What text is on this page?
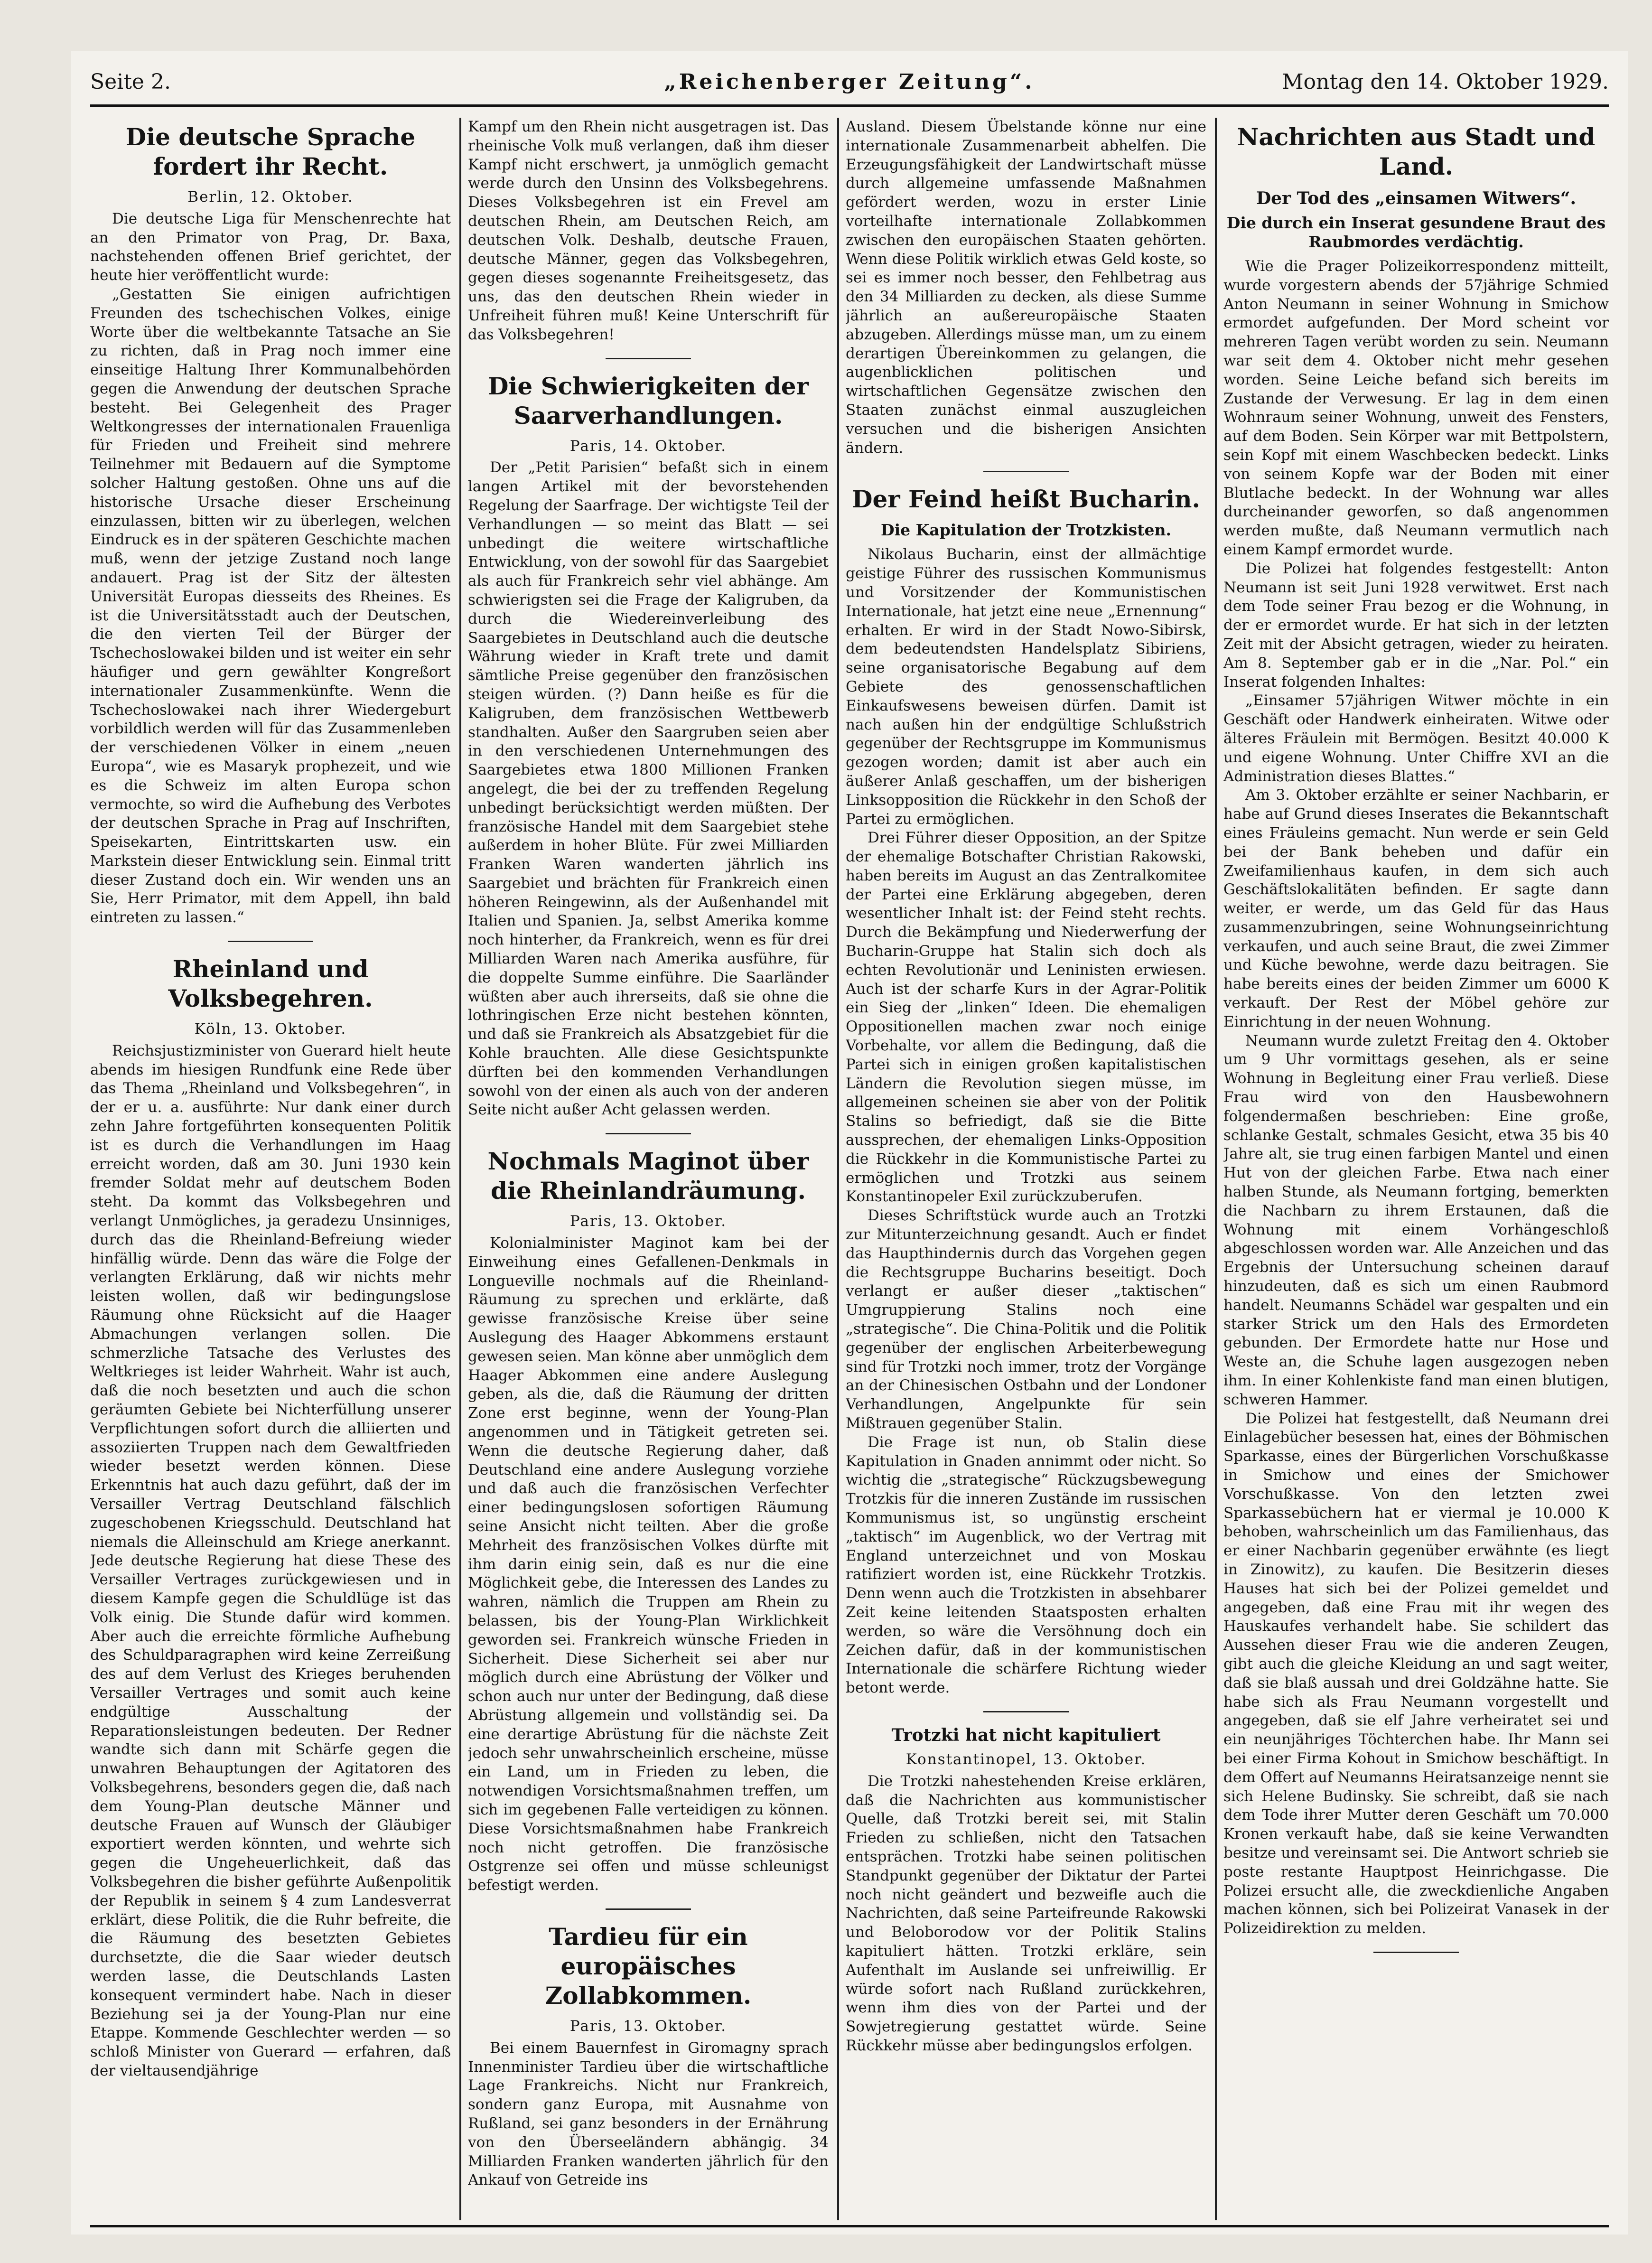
Seite 2.	„Reichenberger Zeitung“.	Montag den 14. Oktober 1929.
Die deutsche Sprache fordert ihr Recht.
Berlin, 12. Oktober.

Die deutsche Liga für Menschenrechte hat an den Primator von Prag, Dr. Baxa, nachstehenden offenen Brief gerichtet, der heute hier veröffentlicht wurde:

„Gestatten Sie einigen aufrichtigen Freunden des tschechischen Volkes, einige Worte über die weltbekannte Tatsache an Sie zu richten, daß in Prag noch immer eine einseitige Haltung Ihrer Kommunalbehörden gegen die Anwendung der deutschen Sprache besteht. Bei Gelegenheit des Prager Weltkongresses der internationalen Frauenliga für Frieden und Freiheit sind mehrere Teilnehmer mit Bedauern auf die Symptome solcher Haltung gestoßen. Ohne uns auf die historische Ursache dieser Erscheinung einzulassen, bitten wir zu überlegen, welchen Eindruck es in der späteren Geschichte machen muß, wenn der jetzige Zustand noch lange andauert. Prag ist der Sitz der ältesten Universität Europas diesseits des Rheines. Es ist die Universitätsstadt auch der Deutschen, die den vierten Teil der Bürger der Tschechoslowakei bilden und ist weiter ein sehr häufiger und gern gewählter Kongreßort internationaler Zusammenkünfte. Wenn die Tschechoslowakei nach ihrer Wiedergeburt vorbildlich werden will für das Zusammenleben der verschiedenen Völker in einem „neuen Europa“, wie es Masaryk prophezeit, und wie es die Schweiz im alten Europa schon vermochte, so wird die Aufhebung des Verbotes der deutschen Sprache in Prag auf Inschriften, Speisekarten, Eintrittskarten usw. ein Markstein dieser Entwicklung sein. Einmal tritt dieser Zustand doch ein. Wir wenden uns an Sie, Herr Primator, mit dem Appell, ihn bald eintreten zu lassen.“

Rheinland und Volksbegehren.
Köln, 13. Oktober.

Reichsjustizminister von Guerard hielt heute abends im hiesigen Rundfunk eine Rede über das Thema „Rheinland und Volksbegehren“, in der er u. a. ausführte: Nur dank einer durch zehn Jahre fortgeführten konsequenten Politik ist es durch die Verhandlungen im Haag erreicht worden, daß am 30. Juni 1930 kein fremder Soldat mehr auf deutschem Boden steht. Da kommt das Volksbegehren und verlangt Unmögliches, ja geradezu Unsinniges, durch das die Rheinland-Befreiung wieder hinfällig würde. Denn das wäre die Folge der verlangten Erklärung, daß wir nichts mehr leisten wollen, daß wir bedingungslose Räumung ohne Rücksicht auf die Haager Abmachungen verlangen sollen. Die schmerzliche Tatsache des Verlustes des Weltkrieges ist leider Wahrheit. Wahr ist auch, daß die noch besetzten und auch die schon geräumten Gebiete bei Nichterfüllung unserer Verpflichtungen sofort durch die alliierten und assoziierten Truppen nach dem Gewaltfrieden wieder besetzt werden können. Diese Erkenntnis hat auch dazu geführt, daß der im Versailler Vertrag Deutschland fälschlich zugeschobenen Kriegsschuld. Deutschland hat niemals die Alleinschuld am Kriege anerkannt. Jede deutsche Regierung hat diese These des Versailler Vertrages zurückgewiesen und in diesem Kampfe gegen die Schuldlüge ist das Volk einig. Die Stunde dafür wird kommen. Aber auch die erreichte förmliche Aufhebung des Schuldparagraphen wird keine Zerreißung des auf dem Verlust des Krieges beruhenden Versailler Vertrages und somit auch keine endgültige Ausschaltung der Reparationsleistungen bedeuten. Der Redner wandte sich dann mit Schärfe gegen die unwahren Behauptungen der Agitatoren des Volksbegehrens, besonders gegen die, daß nach dem Young-Plan deutsche Männer und deutsche Frauen auf Wunsch der Gläubiger exportiert werden könnten, und wehrte sich gegen die Ungeheuerlichkeit, daß das Volksbegehren die bisher geführte Außenpolitik der Republik in seinem § 4 zum Landesverrat erklärt, diese Politik, die die Ruhr befreite, die die Räumung des besetzten Gebietes durchsetzte, die die Saar wieder deutsch werden lasse, die Deutschlands Lasten konsequent vermindert habe. Nach in dieser Beziehung sei ja der Young-Plan nur eine Etappe. Kommende Geschlechter werden — so schloß Minister von Guerard — erfahren, daß der vieltausendjährige

Kampf um den Rhein nicht ausgetragen ist. Das rheinische Volk muß verlangen, daß ihm dieser Kampf nicht erschwert, ja unmöglich gemacht werde durch den Unsinn des Volksbegehrens. Dieses Volksbegehren ist ein Frevel am deutschen Rhein, am Deutschen Reich, am deutschen Volk. Deshalb, deutsche Frauen, deutsche Männer, gegen das Volksbegehren, gegen dieses sogenannte Freiheitsgesetz, das uns, das den deutschen Rhein wieder in Unfreiheit führen muß! Keine Unterschrift für das Volksbegehren!

Die Schwierigkeiten der Saarverhandlungen.
Paris, 14. Oktober.

Der „Petit Parisien“ befaßt sich in einem langen Artikel mit der bevorstehenden Regelung der Saarfrage. Der wichtigste Teil der Verhandlungen — so meint das Blatt — sei unbedingt die weitere wirtschaftliche Entwicklung, von der sowohl für das Saargebiet als auch für Frankreich sehr viel abhänge. Am schwierigsten sei die Frage der Kaligruben, da durch die Wiedereinverleibung des Saargebietes in Deutschland auch die deutsche Währung wieder in Kraft trete und damit sämtliche Preise gegenüber den französischen steigen würden. (?) Dann heiße es für die Kaligruben, dem französischen Wettbewerb standhalten. Außer den Saargruben seien aber in den verschiedenen Unternehmungen des Saargebietes etwa 1800 Millionen Franken angelegt, die bei der zu treffenden Regelung unbedingt berücksichtigt werden müßten. Der französische Handel mit dem Saargebiet stehe außerdem in hoher Blüte. Für zwei Milliarden Franken Waren wanderten jährlich ins Saargebiet und brächten für Frankreich einen höheren Reingewinn, als der Außenhandel mit Italien und Spanien. Ja, selbst Amerika komme noch hinterher, da Frankreich, wenn es für drei Milliarden Waren nach Amerika ausführe, für die doppelte Summe einführe. Die Saarländer wüßten aber auch ihrerseits, daß sie ohne die lothringischen Erze nicht bestehen könnten, und daß sie Frankreich als Absatzgebiet für die Kohle brauchten. Alle diese Gesichtspunkte dürften bei den kommenden Verhandlungen sowohl von der einen als auch von der anderen Seite nicht außer Acht gelassen werden.

Nochmals Maginot über die Rheinlandräumung.
Paris, 13. Oktober.

Kolonialminister Maginot kam bei der Einweihung eines Gefallenen-Denkmals in Longueville nochmals auf die Rheinland-Räumung zu sprechen und erklärte, daß gewisse französische Kreise über seine Auslegung des Haager Abkommens erstaunt gewesen seien. Man könne aber unmöglich dem Haager Abkommen eine andere Auslegung geben, als die, daß die Räumung der dritten Zone erst beginne, wenn der Young-Plan angenommen und in Tätigkeit getreten sei. Wenn die deutsche Regierung daher, daß Deutschland eine andere Auslegung vorziehe und daß auch die französischen Verfechter einer bedingungslosen sofortigen Räumung seine Ansicht nicht teilten. Aber die große Mehrheit des französischen Volkes dürfte mit ihm darin einig sein, daß es nur die eine Möglichkeit gebe, die Interessen des Landes zu wahren, nämlich die Truppen am Rhein zu belassen, bis der Young-Plan Wirklichkeit geworden sei. Frankreich wünsche Frieden in Sicherheit. Diese Sicherheit sei aber nur möglich durch eine Abrüstung der Völker und schon auch nur unter der Bedingung, daß diese Abrüstung allgemein und vollständig sei. Da eine derartige Abrüstung für die nächste Zeit jedoch sehr unwahrscheinlich erscheine, müsse ein Land, um in Frieden zu leben, die notwendigen Vorsichtsmaßnahmen treffen, um sich im gegebenen Falle verteidigen zu können. Diese Vorsichtsmaßnahmen habe Frankreich noch nicht getroffen. Die französische Ostgrenze sei offen und müsse schleunigst befestigt werden.

Tardieu für ein europäisches Zollabkommen.
Paris, 13. Oktober.

Bei einem Bauernfest in Giromagny sprach Innenminister Tardieu über die wirtschaftliche Lage Frankreichs. Nicht nur Frankreich, sondern ganz Europa, mit Ausnahme von Rußland, sei ganz besonders in der Ernährung von den Überseeländern abhängig. 34 Milliarden Franken wanderten jährlich für den Ankauf von Getreide ins

Ausland. Diesem Übelstande könne nur eine internationale Zusammenarbeit abhelfen. Die Erzeugungsfähigkeit der Landwirtschaft müsse durch allgemeine umfassende Maßnahmen gefördert werden, wozu in erster Linie vorteilhafte internationale Zollabkommen zwischen den europäischen Staaten gehörten. Wenn diese Politik wirklich etwas Geld koste, so sei es immer noch besser, den Fehlbetrag aus den 34 Milliarden zu decken, als diese Summe jährlich an außereuropäische Staaten abzugeben. Allerdings müsse man, um zu einem derartigen Übereinkommen zu gelangen, die augenblicklichen politischen und wirtschaftlichen Gegensätze zwischen den Staaten zunächst einmal auszugleichen versuchen und die bisherigen Ansichten ändern.

Der Feind heißt Bucharin.
Die Kapitulation der Trotzkisten.

Nikolaus Bucharin, einst der allmächtige geistige Führer des russischen Kommunismus und Vorsitzender der Kommunistischen Internationale, hat jetzt eine neue „Ernennung“ erhalten. Er wird in der Stadt Nowo-Sibirsk, dem bedeutendsten Handelsplatz Sibiriens, seine organisatorische Begabung auf dem Gebiete des genossenschaftlichen Einkaufswesens beweisen dürfen. Damit ist nach außen hin der endgültige Schlußstrich gegenüber der Rechtsgruppe im Kommunismus gezogen worden; damit ist aber auch ein äußerer Anlaß geschaffen, um der bisherigen Linksopposition die Rückkehr in den Schoß der Partei zu ermöglichen.

Drei Führer dieser Opposition, an der Spitze der ehemalige Botschafter Christian Rakowski, haben bereits im August an das Zentralkomitee der Partei eine Erklärung abgegeben, deren wesentlicher Inhalt ist: der Feind steht rechts. Durch die Bekämpfung und Niederwerfung der Bucharin-Gruppe hat Stalin sich doch als echten Revolutionär und Leninisten erwiesen. Auch ist der scharfe Kurs in der Agrar-Politik ein Sieg der „linken“ Ideen. Die ehemaligen Oppositionellen machen zwar noch einige Vorbehalte, vor allem die Bedingung, daß die Partei sich in einigen großen kapitalistischen Ländern die Revolution siegen müsse, im allgemeinen scheinen sie aber von der Politik Stalins so befriedigt, daß sie die Bitte aussprechen, der ehemaligen Links-Opposition die Rückkehr in die Kommunistische Partei zu ermöglichen und Trotzki aus seinem Konstantinopeler Exil zurückzuberufen.

Dieses Schriftstück wurde auch an Trotzki zur Mitunterzeichnung gesandt. Auch er findet das Haupthindernis durch das Vorgehen gegen die Rechtsgruppe Bucharins beseitigt. Doch verlangt er außer dieser „taktischen“ Umgruppierung Stalins noch eine „strategische“. Die China-Politik und die Politik gegenüber der englischen Arbeiterbewegung sind für Trotzki noch immer, trotz der Vorgänge an der Chinesischen Ostbahn und der Londoner Verhandlungen, Angelpunkte für sein Mißtrauen gegenüber Stalin.

Die Frage ist nun, ob Stalin diese Kapitulation in Gnaden annimmt oder nicht. So wichtig die „strategische“ Rückzugsbewegung Trotzkis für die inneren Zustände im russischen Kommunismus ist, so ungünstig erscheint „taktisch“ im Augenblick, wo der Vertrag mit England unterzeichnet und von Moskau ratifiziert worden ist, eine Rückkehr Trotzkis. Denn wenn auch die Trotzkisten in absehbarer Zeit keine leitenden Staatsposten erhalten werden, so wäre die Versöhnung doch ein Zeichen dafür, daß in der kommunistischen Internationale die schärfere Richtung wieder betont werde.

Trotzki hat nicht kapituliert
Konstantinopel, 13. Oktober.

Die Trotzki nahestehenden Kreise erklären, daß die Nachrichten aus kommunistischer Quelle, daß Trotzki bereit sei, mit Stalin Frieden zu schließen, nicht den Tatsachen entsprächen. Trotzki habe seinen politischen Standpunkt gegenüber der Diktatur der Partei noch nicht geändert und bezweifle auch die Nachrichten, daß seine Parteifreunde Rakowski und Beloborodow vor der Politik Stalins kapituliert hätten. Trotzki erkläre, sein Aufenthalt im Auslande sei unfreiwillig. Er würde sofort nach Rußland zurückkehren, wenn ihm dies von der Partei und der Sowjetregierung gestattet würde. Seine Rückkehr müsse aber bedingungslos erfolgen.

Nachrichten aus Stadt und Land.
Der Tod des „einsamen Witwers“.
Die durch ein Inserat gesundene Braut des Raubmordes verdächtig.

Wie die Prager Polizeikorrespondenz mitteilt, wurde vorgestern abends der 57jährige Schmied Anton Neumann in seiner Wohnung in Smichow ermordet aufgefunden. Der Mord scheint vor mehreren Tagen verübt worden zu sein. Neumann war seit dem 4. Oktober nicht mehr gesehen worden. Seine Leiche befand sich bereits im Zustande der Verwesung. Er lag in dem einen Wohnraum seiner Wohnung, unweit des Fensters, auf dem Boden. Sein Körper war mit Bettpolstern, sein Kopf mit einem Waschbecken bedeckt. Links von seinem Kopfe war der Boden mit einer Blutlache bedeckt. In der Wohnung war alles durcheinander geworfen, so daß angenommen werden mußte, daß Neumann vermutlich nach einem Kampf ermordet wurde.

Die Polizei hat folgendes festgestellt: Anton Neumann ist seit Juni 1928 verwitwet. Erst nach dem Tode seiner Frau bezog er die Wohnung, in der er ermordet wurde. Er hat sich in der letzten Zeit mit der Absicht getragen, wieder zu heiraten. Am 8. September gab er in die „Nar. Pol.“ ein Inserat folgenden Inhaltes:

„Einsamer 57jährigen Witwer möchte in ein Geschäft oder Handwerk einheiraten. Witwe oder älteres Fräulein mit Bermögen. Besitzt 40.000 K und eigene Wohnung. Unter Chiffre XVI an die Administration dieses Blattes.“

Am 3. Oktober erzählte er seiner Nachbarin, er habe auf Grund dieses Inserates die Bekanntschaft eines Fräuleins gemacht. Nun werde er sein Geld bei der Bank beheben und dafür ein Zweifamilienhaus kaufen, in dem sich auch Geschäftslokalitäten befinden. Er sagte dann weiter, er werde, um das Geld für das Haus zusammenzubringen, seine Wohnungseinrichtung verkaufen, und auch seine Braut, die zwei Zimmer und Küche bewohne, werde dazu beitragen. Sie habe bereits eines der beiden Zimmer um 6000 K verkauft. Der Rest der Möbel gehöre zur Einrichtung in der neuen Wohnung.

Neumann wurde zuletzt Freitag den 4. Oktober um 9 Uhr vormittags gesehen, als er seine Wohnung in Begleitung einer Frau verließ. Diese Frau wird von den Hausbewohnern folgendermaßen beschrieben: Eine große, schlanke Gestalt, schmales Gesicht, etwa 35 bis 40 Jahre alt, sie trug einen farbigen Mantel und einen Hut von der gleichen Farbe. Etwa nach einer halben Stunde, als Neumann fortging, bemerkten die Nachbarn zu ihrem Erstaunen, daß die Wohnung mit einem Vorhängeschloß abgeschlossen worden war. Alle Anzeichen und das Ergebnis der Untersuchung scheinen darauf hinzudeuten, daß es sich um einen Raubmord handelt. Neumanns Schädel war gespalten und ein starker Strick um den Hals des Ermordeten gebunden. Der Ermordete hatte nur Hose und Weste an, die Schuhe lagen ausgezogen neben ihm. In einer Kohlenkiste fand man einen blutigen, schweren Hammer.

Die Polizei hat festgestellt, daß Neumann drei Einlagebücher besessen hat, eines der Böhmischen Sparkasse, eines der Bürgerlichen Vorschußkasse in Smichow und eines der Smichower Vorschußkasse. Von den letzten zwei Sparkassebüchern hat er viermal je 10.000 K behoben, wahrscheinlich um das Familienhaus, das er einer Nachbarin gegenüber erwähnte (es liegt in Zinowitz), zu kaufen. Die Besitzerin dieses Hauses hat sich bei der Polizei gemeldet und angegeben, daß eine Frau mit ihr wegen des Hauskaufes verhandelt habe. Sie schildert das Aussehen dieser Frau wie die anderen Zeugen, gibt auch die gleiche Kleidung an und sagt weiter, daß sie blaß aussah und drei Goldzähne hatte. Sie habe sich als Frau Neumann vorgestellt und angegeben, daß sie elf Jahre verheiratet sei und ein neunjähriges Töchterchen habe. Ihr Mann sei bei einer Firma Kohout in Smichow beschäftigt. In dem Offert auf Neumanns Heiratsanzeige nennt sie sich Helene Budinsky. Sie schreibt, daß sie nach dem Tode ihrer Mutter deren Geschäft um 70.000 Kronen verkauft habe, daß sie keine Verwandten besitze und vereinsamt sei. Die Antwort schrieb sie poste restante Hauptpost Heinrichgasse. Die Polizei ersucht alle, die zweckdienliche Angaben machen können, sich bei Polizeirat Vanasek in der Polizeidirektion zu melden.
